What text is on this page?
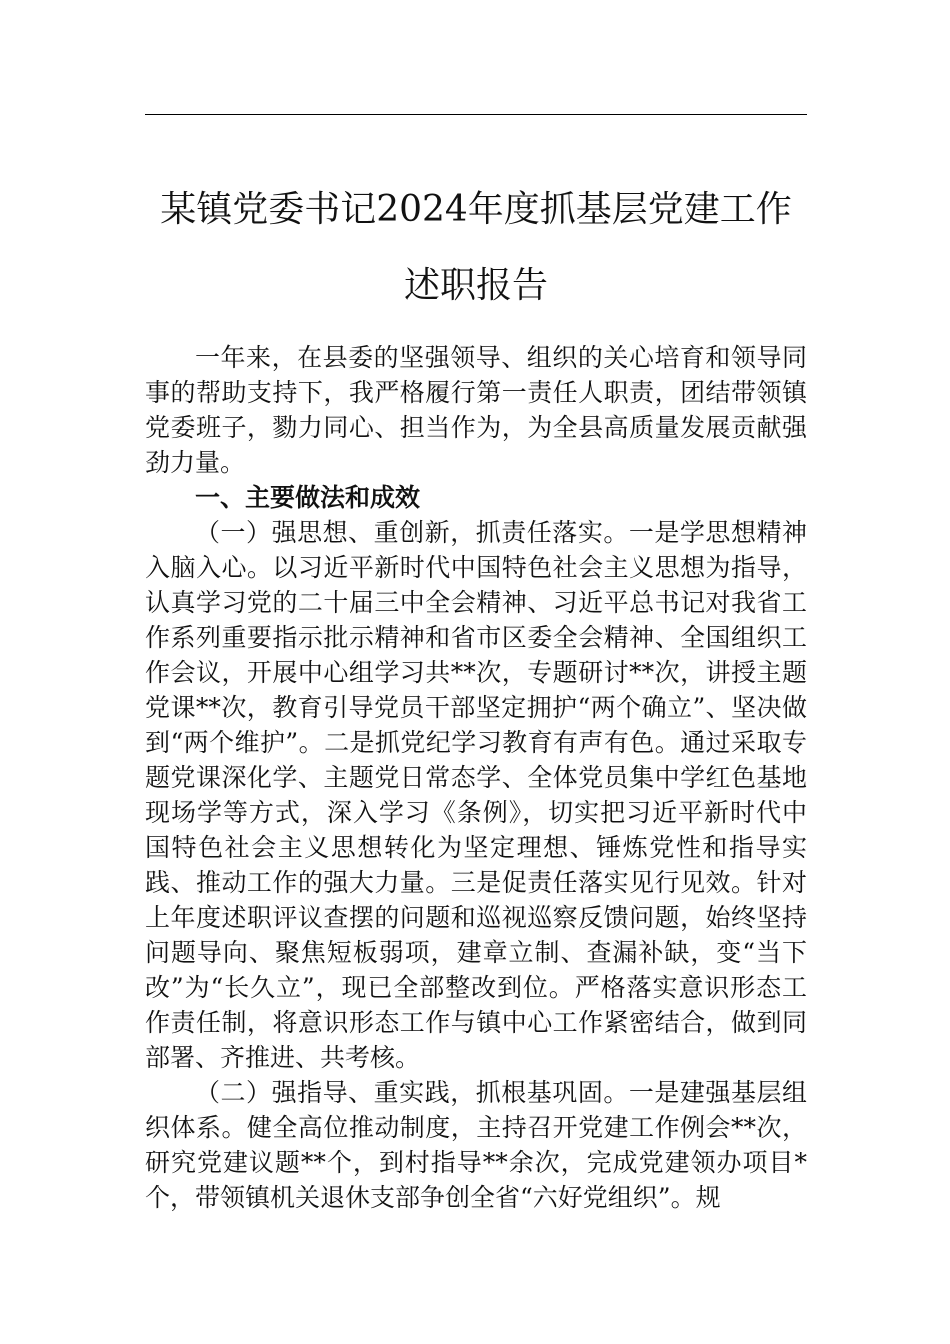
某镇党委书记2024年度抓基层党建工作述职报告

一年来，在县委的坚强领导、组织的关心培育和领导同事的帮助支持下，我严格履行第一责任人职责，团结带领镇党委班子，勠力同心、担当作为，为全县高质量发展贡献强劲力量。

一、主要做法和成效

（一）强思想、重创新，抓责任落实。一是学思想精神入脑入心。以习近平新时代中国特色社会主义思想为指导，认真学习党的二十届三中全会精神、习近平总书记对我省工作系列重要指示批示精神和省市区委全会精神、全国组织工作会议，开展中心组学习共**次，专题研讨**次，讲授主题党课**次，教育引导党员干部坚定拥护“两个确立”、坚决做到“两个维护”。二是抓党纪学习教育有声有色。通过采取专题党课深化学、主题党日常态学、全体党员集中学红色基地现场学等方式，深入学习《条例》，切实把习近平新时代中国特色社会主义思想转化为坚定理想、锤炼党性和指导实践、推动工作的强大力量。三是促责任落实见行见效。针对上年度述职评议查摆的问题和巡视巡察反馈问题，始终坚持问题导向、聚焦短板弱项，建章立制、查漏补缺，变“当下改”为“长久立”，现已全部整改到位。严格落实意识形态工作责任制，将意识形态工作与镇中心工作紧密结合，做到同部署、齐推进、共考核。

（二）强指导、重实践，抓根基巩固。一是建强基层组织体系。健全高位推动制度，主持召开党建工作例会**次，研究党建议题**个，到村指导**余次，完成党建领办项目*个，带领镇机关退休支部争创全省“六好党组织”。规
